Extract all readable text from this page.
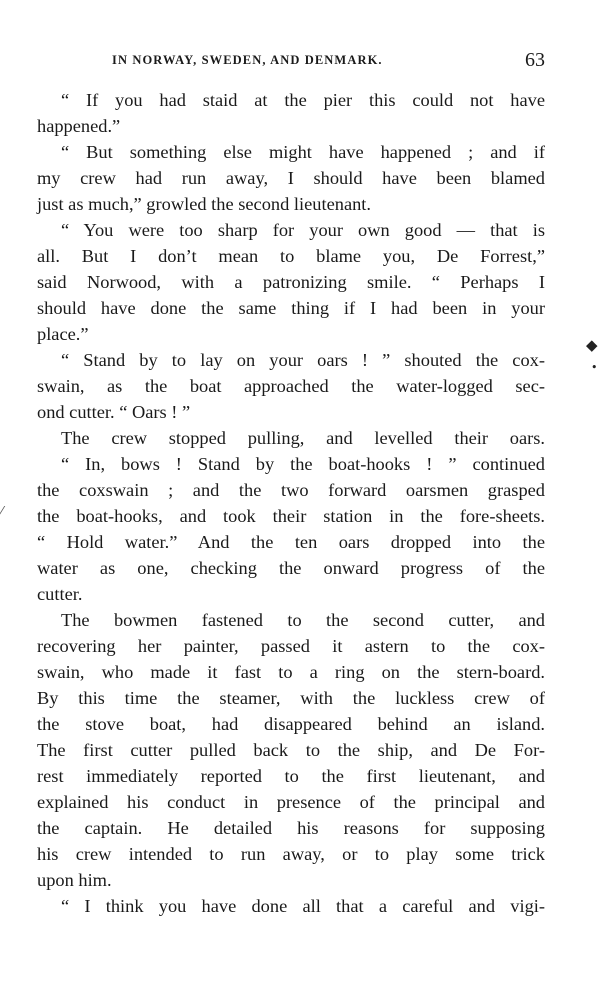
IN NORWAY, SWEDEN, AND DENMARK.	63
“ If you had staid at the pier this could not have
happened.”
“ But something else might have happened ; and if
my crew had run away, I should have been blamed
just as much,” growled the second lieutenant.
“ You were too sharp for your own good — that is
all. But I don’t mean to blame you, De Forrest,”
said Norwood, with a patronizing smile. “ Perhaps I
should have done the same thing if I had been in your
place.”
“ Stand by to lay on your oars ! ” shouted the cox-
swain, as the boat approached the water-logged sec-
ond cutter. “ Oars ! ”
The crew stopped pulling, and levelled their oars.
“ In, bows ! Stand by the boat-hooks ! ” continued
the coxswain ; and the two forward oarsmen grasped
the boat-hooks, and took their station in the fore-sheets.
“ Hold water.” And the ten oars dropped into the
water as one, checking the onward progress of the
cutter.
The bowmen fastened to the second cutter, and
recovering her painter, passed it astern to the cox-
swain, who made it fast to a ring on the stern-board.
By this time the steamer, with the luckless crew of
the stove boat, had disappeared behind an island.
The first cutter pulled back to the ship, and De For-
rest immediately reported to the first lieutenant, and
explained his conduct in presence of the principal and
the captain. He detailed his reasons for supposing
his crew intended to run away, or to play some trick
upon him.
“ I think you have done all that a careful and vigi-
◆
•
⁄
